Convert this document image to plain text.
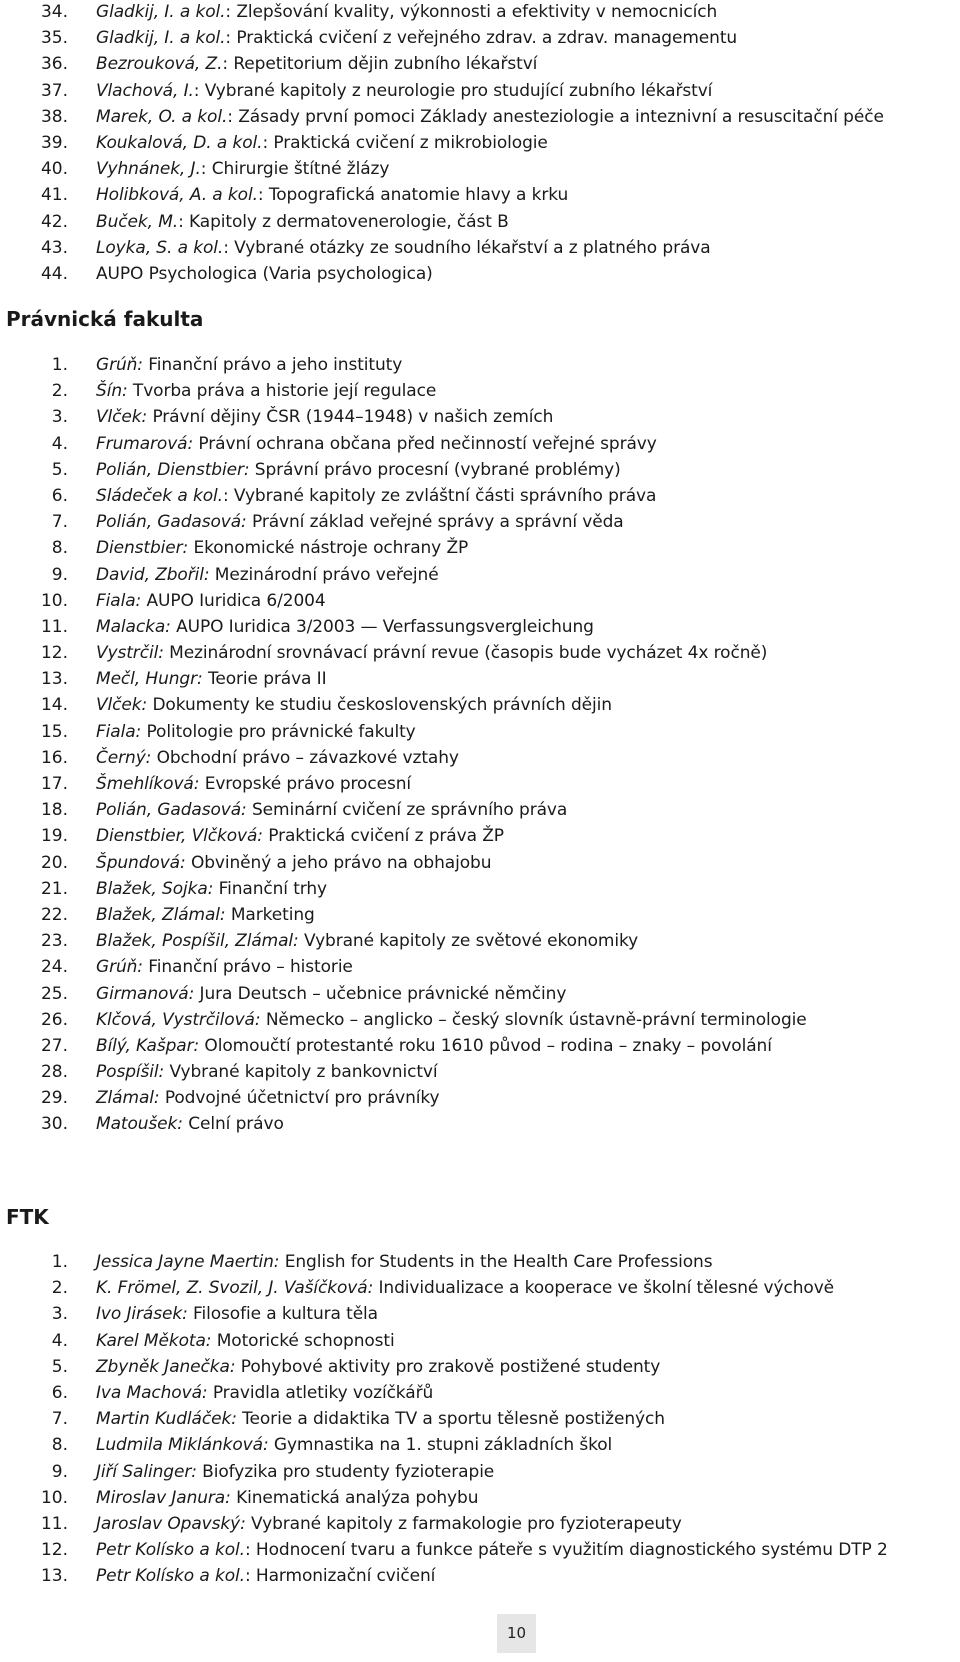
34. Gladkij, I. a kol.: Zlepšování kvality, výkonnosti a efektivity v nemocnicích
35. Gladkij, I. a kol.: Praktická cvičení z veřejného zdrav. a zdrav. managementu
36. Bezrouková, Z.: Repetitorium dějin zubního lékařství
37. Vlachová, I.: Vybrané kapitoly z neurologie pro studující zubního lékařství
38. Marek, O. a kol.: Zásady první pomoci Základy anesteziologie a inteznivní a resuscitační péče
39. Koukalová, D. a kol.: Praktická cvičení z mikrobiologie
40. Vyhnánek, J.: Chirurgie štítné žlázy
41. Holibková, A. a kol.: Topografická anatomie hlavy a krku
42. Buček, M.: Kapitoly z dermatovenerologie, část B
43. Loyka, S. a kol.: Vybrané otázky ze soudního lékařství a z platného práva
44. AUPO Psychologica (Varia psychologica)
Právnická fakulta
1. Grúň: Finanční právo a jeho instituty
2. Šín: Tvorba práva a historie její regulace
3. Vlček: Právní dějiny ČSR (1944–1948) v našich zemích
4. Frumarová: Právní ochrana občana před nečinností veřejné správy
5. Polián, Dienstbier: Správní právo procesní (vybrané problémy)
6. Sládeček a kol.: Vybrané kapitoly ze zvláštní části správního práva
7. Polián, Gadasová: Právní základ veřejné správy a správní věda
8. Dienstbier: Ekonomické nástroje ochrany ŽP
9. David, Zbořil: Mezinárodní právo veřejné
10. Fiala: AUPO Iuridica 6/2004
11. Malacka: AUPO Iuridica 3/2003 — Verfassungsvergleichung
12. Vystrčil: Mezinárodní srovnávací právní revue (časopis bude vycházet 4x ročně)
13. Mečl, Hungr: Teorie práva II
14. Vlček: Dokumenty ke studiu československých právních dějin
15. Fiala: Politologie pro právnické fakulty
16. Černý: Obchodní právo – závazkové vztahy
17. Šmehlíková: Evropské právo procesní
18. Polián, Gadasová: Seminární cvičení ze správního práva
19. Dienstbier, Vlčková: Praktická cvičení z práva ŽP
20. Špundová: Obviněný a jeho právo na obhajobu
21. Blažek, Sojka: Finanční trhy
22. Blažek, Zlámal: Marketing
23. Blažek, Pospíšil, Zlámal: Vybrané kapitoly ze světové ekonomiky
24. Grúň: Finanční právo – historie
25. Girmanová: Jura Deutsch – učebnice právnické němčiny
26. Klčová, Vystrčilová: Německo – anglicko – český slovník ústavně-právní terminologie
27. Bílý, Kašpar: Olomoučtí protestanté roku 1610 původ – rodina – znaky – povolání
28. Pospíšil: Vybrané kapitoly z bankovnictví
29. Zlámal: Podvojné účetnictví pro právníky
30. Matoušek: Celní právo
FTK
1. Jessica Jayne Maertin: English for Students in the Health Care Professions
2. K. Frömel, Z. Svozil, J. Vašíčková: Individualizace a kooperace ve školní tělesné výchově
3. Ivo Jirásek: Filosofie a kultura těla
4. Karel Měkota: Motorické schopnosti
5. Zbyněk Janečka: Pohybové aktivity pro zrakově postižené studenty
6. Iva Machová: Pravidla atletiky vozíčkářů
7. Martin Kudláček: Teorie a didaktika TV a sportu tělesně postižených
8. Ludmila Miklánková: Gymnastika na 1. stupni základních škol
9. Jiří Salinger: Biofyzika pro studenty fyzioterapie
10. Miroslav Janura: Kinematická analýza pohybu
11. Jaroslav Opavský: Vybrané kapitoly z farmakologie pro fyzioterapeuty
12. Petr Kolísko a kol.: Hodnocení tvaru a funkce páteře s využitím diagnostického systému DTP 2
13. Petr Kolísko a kol.: Harmonizační cvičení
10
